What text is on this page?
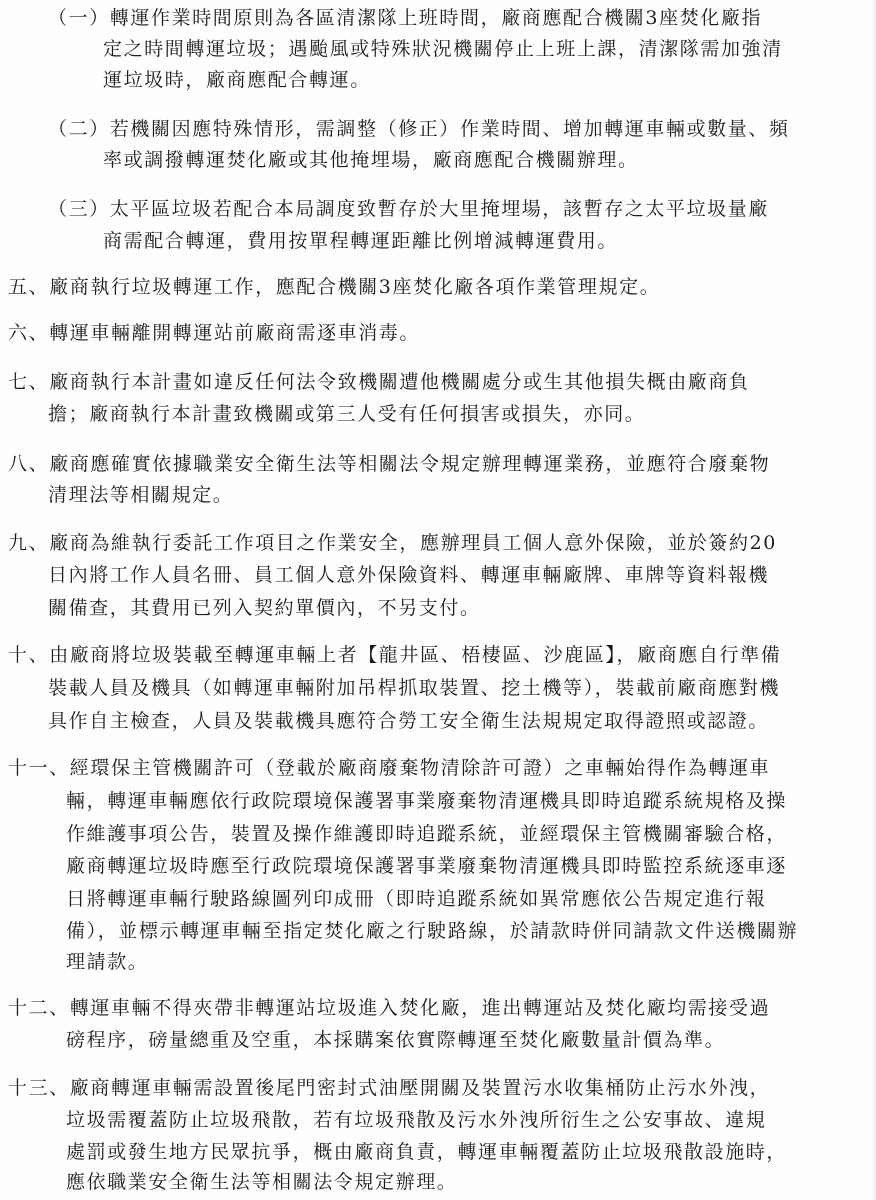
（一）轉運作業時間原則為各區清潔隊上班時間，廠商應配合機關3座焚化廠指
定之時間轉運垃圾；遇颱風或特殊狀況機關停止上班上課，清潔隊需加強清
運垃圾時，廠商應配合轉運。
（二）若機關因應特殊情形，需調整（修正）作業時間、增加轉運車輛或數量、頻
率或調撥轉運焚化廠或其他掩埋場，廠商應配合機關辦理。
（三）太平區垃圾若配合本局調度致暫存於大里掩埋場，該暫存之太平垃圾量廠
商需配合轉運，費用按單程轉運距離比例增減轉運費用。
五、廠商執行垃圾轉運工作，應配合機關3座焚化廠各項作業管理規定。
六、轉運車輛離開轉運站前廠商需逐車消毒。
七、廠商執行本計畫如違反任何法令致機關遭他機關處分或生其他損失概由廠商負
擔；廠商執行本計畫致機關或第三人受有任何損害或損失，亦同。
八、廠商應確實依據職業安全衛生法等相關法令規定辦理轉運業務，並應符合廢棄物
清理法等相關規定。
九、廠商為維執行委託工作項目之作業安全，應辦理員工個人意外保險，並於簽約20
日內將工作人員名冊、員工個人意外保險資料、轉運車輛廠牌、車牌等資料報機
關備查，其費用已列入契約單價內，不另支付。
十、由廠商將垃圾裝載至轉運車輛上者【龍井區、梧棲區、沙鹿區】，廠商應自行準備
裝載人員及機具（如轉運車輛附加吊桿抓取裝置、挖土機等），裝載前廠商應對機
具作自主檢查，人員及裝載機具應符合勞工安全衛生法規規定取得證照或認證。
十一、經環保主管機關許可（登載於廠商廢棄物清除許可證）之車輛始得作為轉運車
輛，轉運車輛應依行政院環境保護署事業廢棄物清運機具即時追蹤系統規格及操
作維護事項公告，裝置及操作維護即時追蹤系統，並經環保主管機關審驗合格，
廠商轉運垃圾時應至行政院環境保護署事業廢棄物清運機具即時監控系統逐車逐
日將轉運車輛行駛路線圖列印成冊（即時追蹤系統如異常應依公告規定進行報
備），並標示轉運車輛至指定焚化廠之行駛路線，於請款時併同請款文件送機關辦
理請款。
十二、轉運車輛不得夾帶非轉運站垃圾進入焚化廠，進出轉運站及焚化廠均需接受過
磅程序，磅量總重及空重，本採購案依實際轉運至焚化廠數量計價為準。
十三、廠商轉運車輛需設置後尾門密封式油壓開關及裝置污水收集桶防止污水外洩，
垃圾需覆蓋防止垃圾飛散，若有垃圾飛散及污水外洩所衍生之公安事故、違規
處罰或發生地方民眾抗爭，概由廠商負責，轉運車輛覆蓋防止垃圾飛散設施時，
應依職業安全衛生法等相關法令規定辦理。
